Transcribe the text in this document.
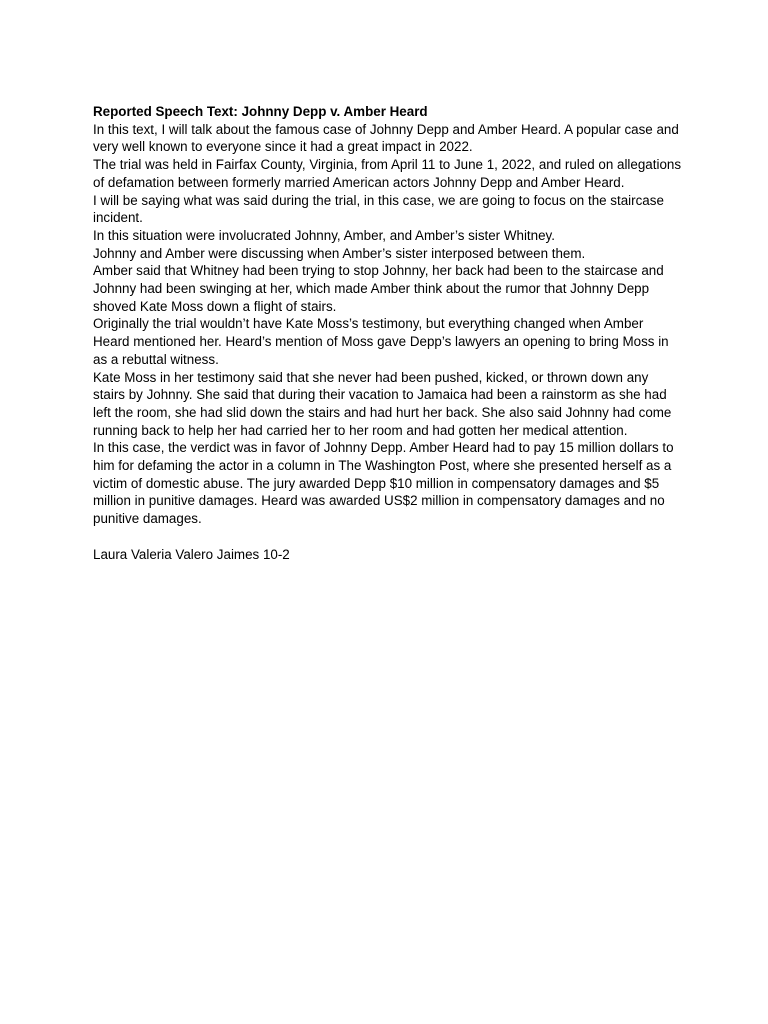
Reported Speech Text: Johnny Depp v. Amber Heard

In this text, I will talk about the famous case of Johnny Depp and Amber Heard. A popular case and very well known to everyone since it had a great impact in 2022.

The trial was held in Fairfax County, Virginia, from April 11 to June 1, 2022, and ruled on allegations of defamation between formerly married American actors Johnny Depp and Amber Heard.

I will be saying what was said during the trial, in this case, we are going to focus on the staircase incident.

In this situation were involucrated Johnny, Amber, and Amber’s sister Whitney.

Johnny and Amber were discussing when Amber’s sister interposed between them.

Amber said that Whitney had been trying to stop Johnny, her back had been to the staircase and Johnny had been swinging at her, which made Amber think about the rumor that Johnny Depp shoved Kate Moss down a flight of stairs.

Originally the trial wouldn’t have Kate Moss’s testimony, but everything changed when Amber Heard mentioned her. Heard’s mention of Moss gave Depp’s lawyers an opening to bring Moss in as a rebuttal witness.

Kate Moss in her testimony said that she never had been pushed, kicked, or thrown down any stairs by Johnny. She said that during their vacation to Jamaica had been a rainstorm as she had left the room, she had slid down the stairs and had hurt her back. She also said Johnny had come running back to help her had carried her to her room and had gotten her medical attention.

In this case, the verdict was in favor of Johnny Depp. Amber Heard had to pay 15 million dollars to him for defaming the actor in a column in The Washington Post, where she presented herself as a victim of domestic abuse. The jury awarded Depp $10 million in compensatory damages and $5 million in punitive damages. Heard was awarded US$2 million in compensatory damages and no punitive damages.

Laura Valeria Valero Jaimes 10-2
